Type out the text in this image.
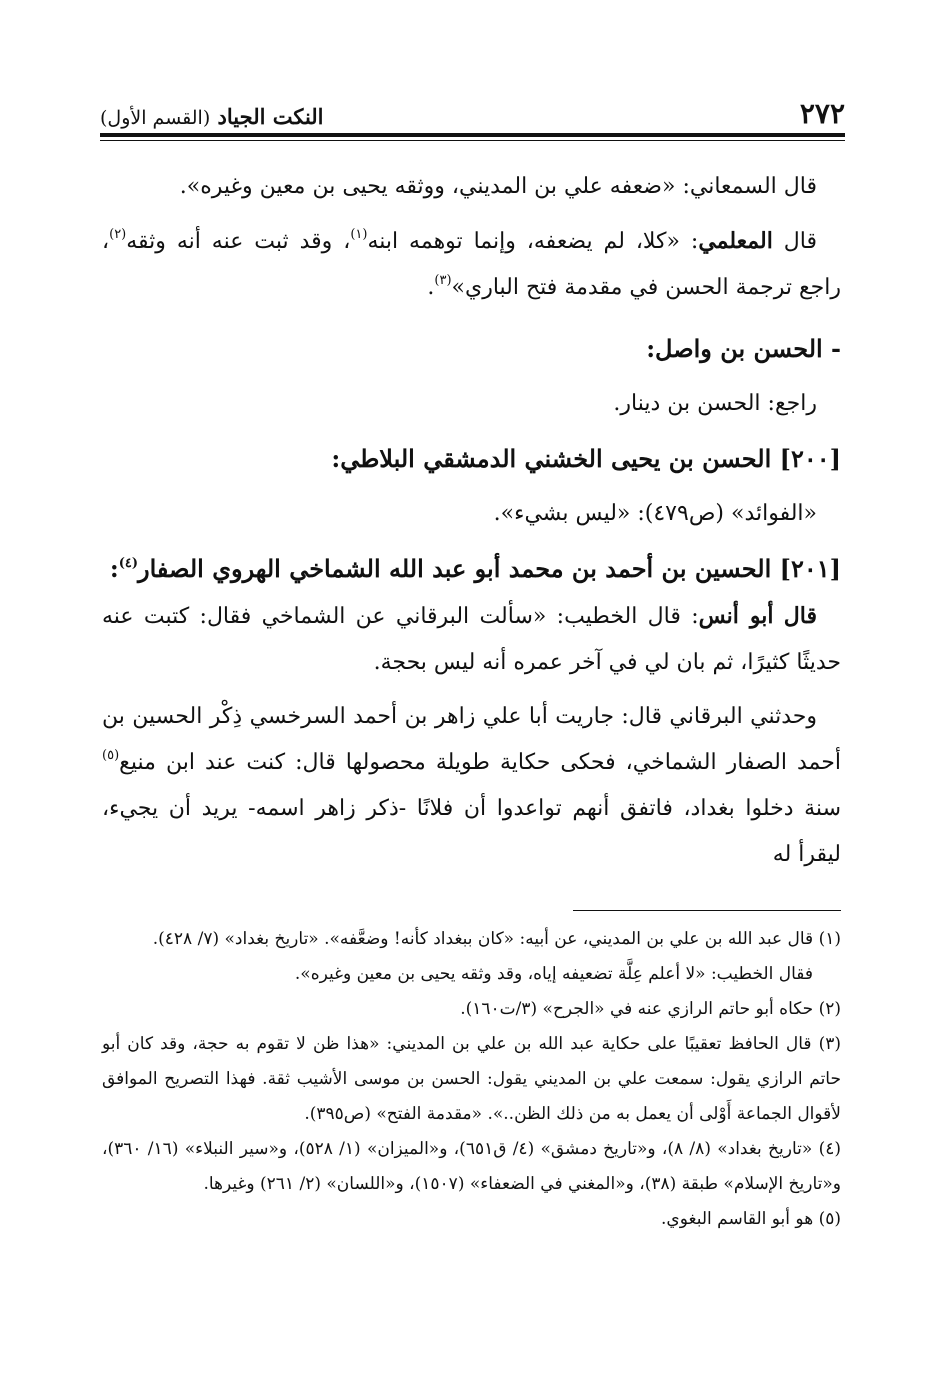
٢٧٢
النكت الجياد (القسم الأول)

قال السمعاني: «ضعفه علي بن المديني، ووثقه يحيى بن معين وغيره».

قال المعلمي: «كلا، لم يضعفه، وإنما توهمه ابنه$^{(١)}$، وقد ثبت عنه أنه وثقه$^{(٢)}$، راجع ترجمة الحسن في مقدمة فتح الباري»$^{(٣)}$.

- الحسن بن واصل:

راجع: الحسن بن دينار.

[٢٠٠] الحسن بن يحيى الخشني الدمشقي البلاطي:

«الفوائد» (ص٤٧٩): «ليس بشيء».

[٢٠١] الحسين بن أحمد بن محمد أبو عبد الله الشماخي الهروي الصفار$^{(٤)}$:

قال أبو أنس: قال الخطيب: «سألت البرقاني عن الشماخي فقال: كتبت عنه حديثًا كثيرًا، ثم بان لي في آخر عمره أنه ليس بحجة.

وحدثني البرقاني قال: جاريت أبا علي زاهر بن أحمد السرخسي ذِكْر الحسين بن أحمد الصفار الشماخي، فحكى حكاية طويلة محصولها قال: كنت عند ابن منيع$^{(٥)}$ سنة دخلوا بغداد، فاتفق أنهم تواعدوا أن فلانًا -ذكر زاهر اسمه- يريد أن يجيء، ليقرأ له

(١) قال عبد الله بن علي بن المديني، عن أبيه: «كان ببغداد كأنه! وضعَّفه». «تاريخ بغداد» (٧/ ٤٢٨).
فقال الخطيب: «لا أعلم عِلَّة تضعيفه إياه، وقد وثقه يحيى بن معين وغيره».

(٢) حكاه أبو حاتم الرازي عنه في «الجرح» (٣/ت١٦٠).

(٣) قال الحافظ تعقيبًا على حكاية عبد الله بن علي بن المديني: «هذا ظن لا تقوم به حجة، وقد كان أبو حاتم الرازي يقول: سمعت علي بن المديني يقول: الحسن بن موسى الأشيب ثقة. فهذا التصريح الموافق لأقوال الجماعة أَوْلى أن يعمل به من ذلك الظن..». «مقدمة الفتح» (ص٣٩٥).

(٤) «تاريخ بغداد» (٨/ ٨)، و«تاريخ دمشق» (٤/ ق٦٥١)، و«الميزان» (١/ ٥٢٨)، و«سير النبلاء» (١٦/ ٣٦٠)، و«تاريخ الإسلام» طبقة (٣٨)، و«المغني في الضعفاء» (١٥٠٧)، و«اللسان» (٢/ ٢٦١) وغيرها.

(٥) هو أبو القاسم البغوي.
